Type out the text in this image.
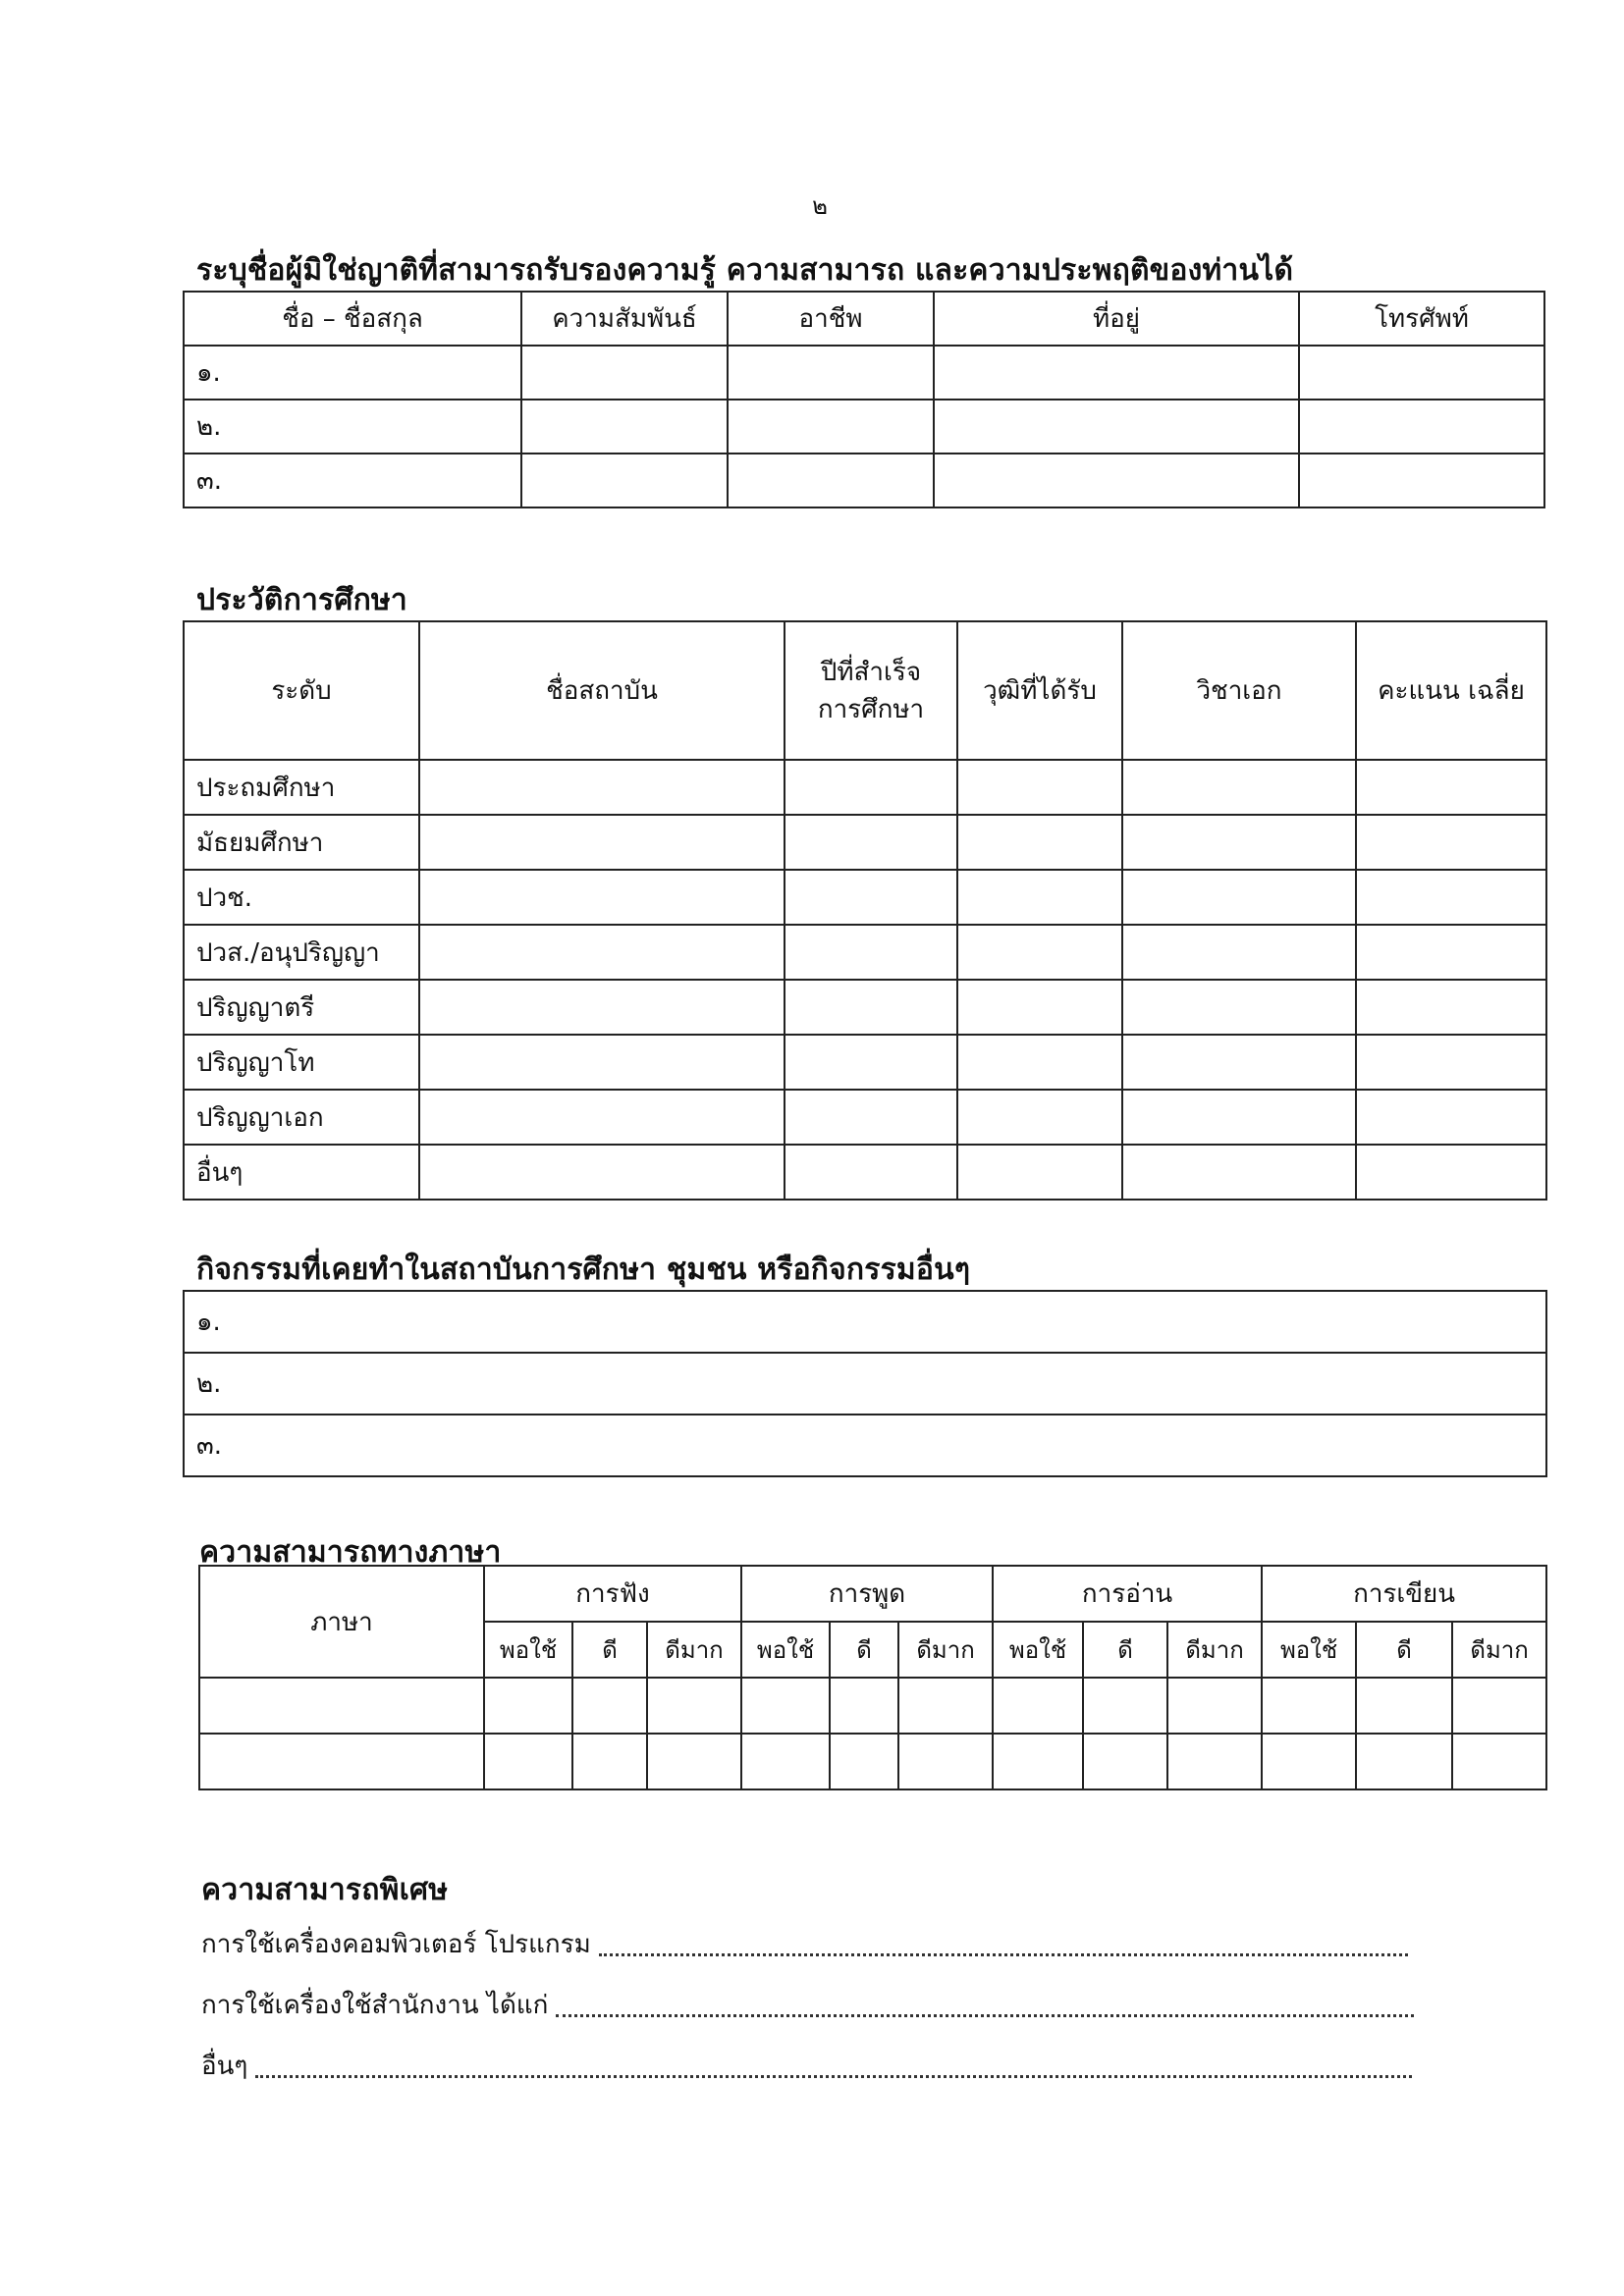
๒
ระบุชื่อผู้มิใช่ญาติที่สามารถรับรองความรู้ ความสามารถ และความประพฤติของท่านได้
ชื่อ – ชื่อสกุล	ความสัมพันธ์	อาชีพ	ที่อยู่	โทรศัพท์
๑.				
๒.				
๓.				
ประวัติการศึกษา
ระดับ	ชื่อสถาบัน	ปีที่สำเร็จ การศึกษา	วุฒิที่ได้รับ	วิชาเอก	คะแนน เฉลี่ย
ประถมศึกษา					
มัธยมศึกษา					
ปวช.					
ปวส./อนุปริญญา					
ปริญญาตรี					
ปริญญาโท					
ปริญญาเอก					
อื่นๆ					
กิจกรรมที่เคยทำในสถาบันการศึกษา ชุมชน หรือกิจกรรมอื่นๆ
๑.
๒.
๓.
ความสามารถทางภาษา
ภาษา	การฟัง			การพูด			การอ่าน			การเขียน		
	พอใช้	ดี	ดีมาก	พอใช้	ดี	ดีมาก	พอใช้	ดี	ดีมาก	พอใช้	ดี	ดีมาก

ความสามารถพิเศษ
การใช้เครื่องคอมพิวเตอร์ โปรแกรม
การใช้เครื่องใช้สำนักงาน ได้แก่
อื่นๆ
